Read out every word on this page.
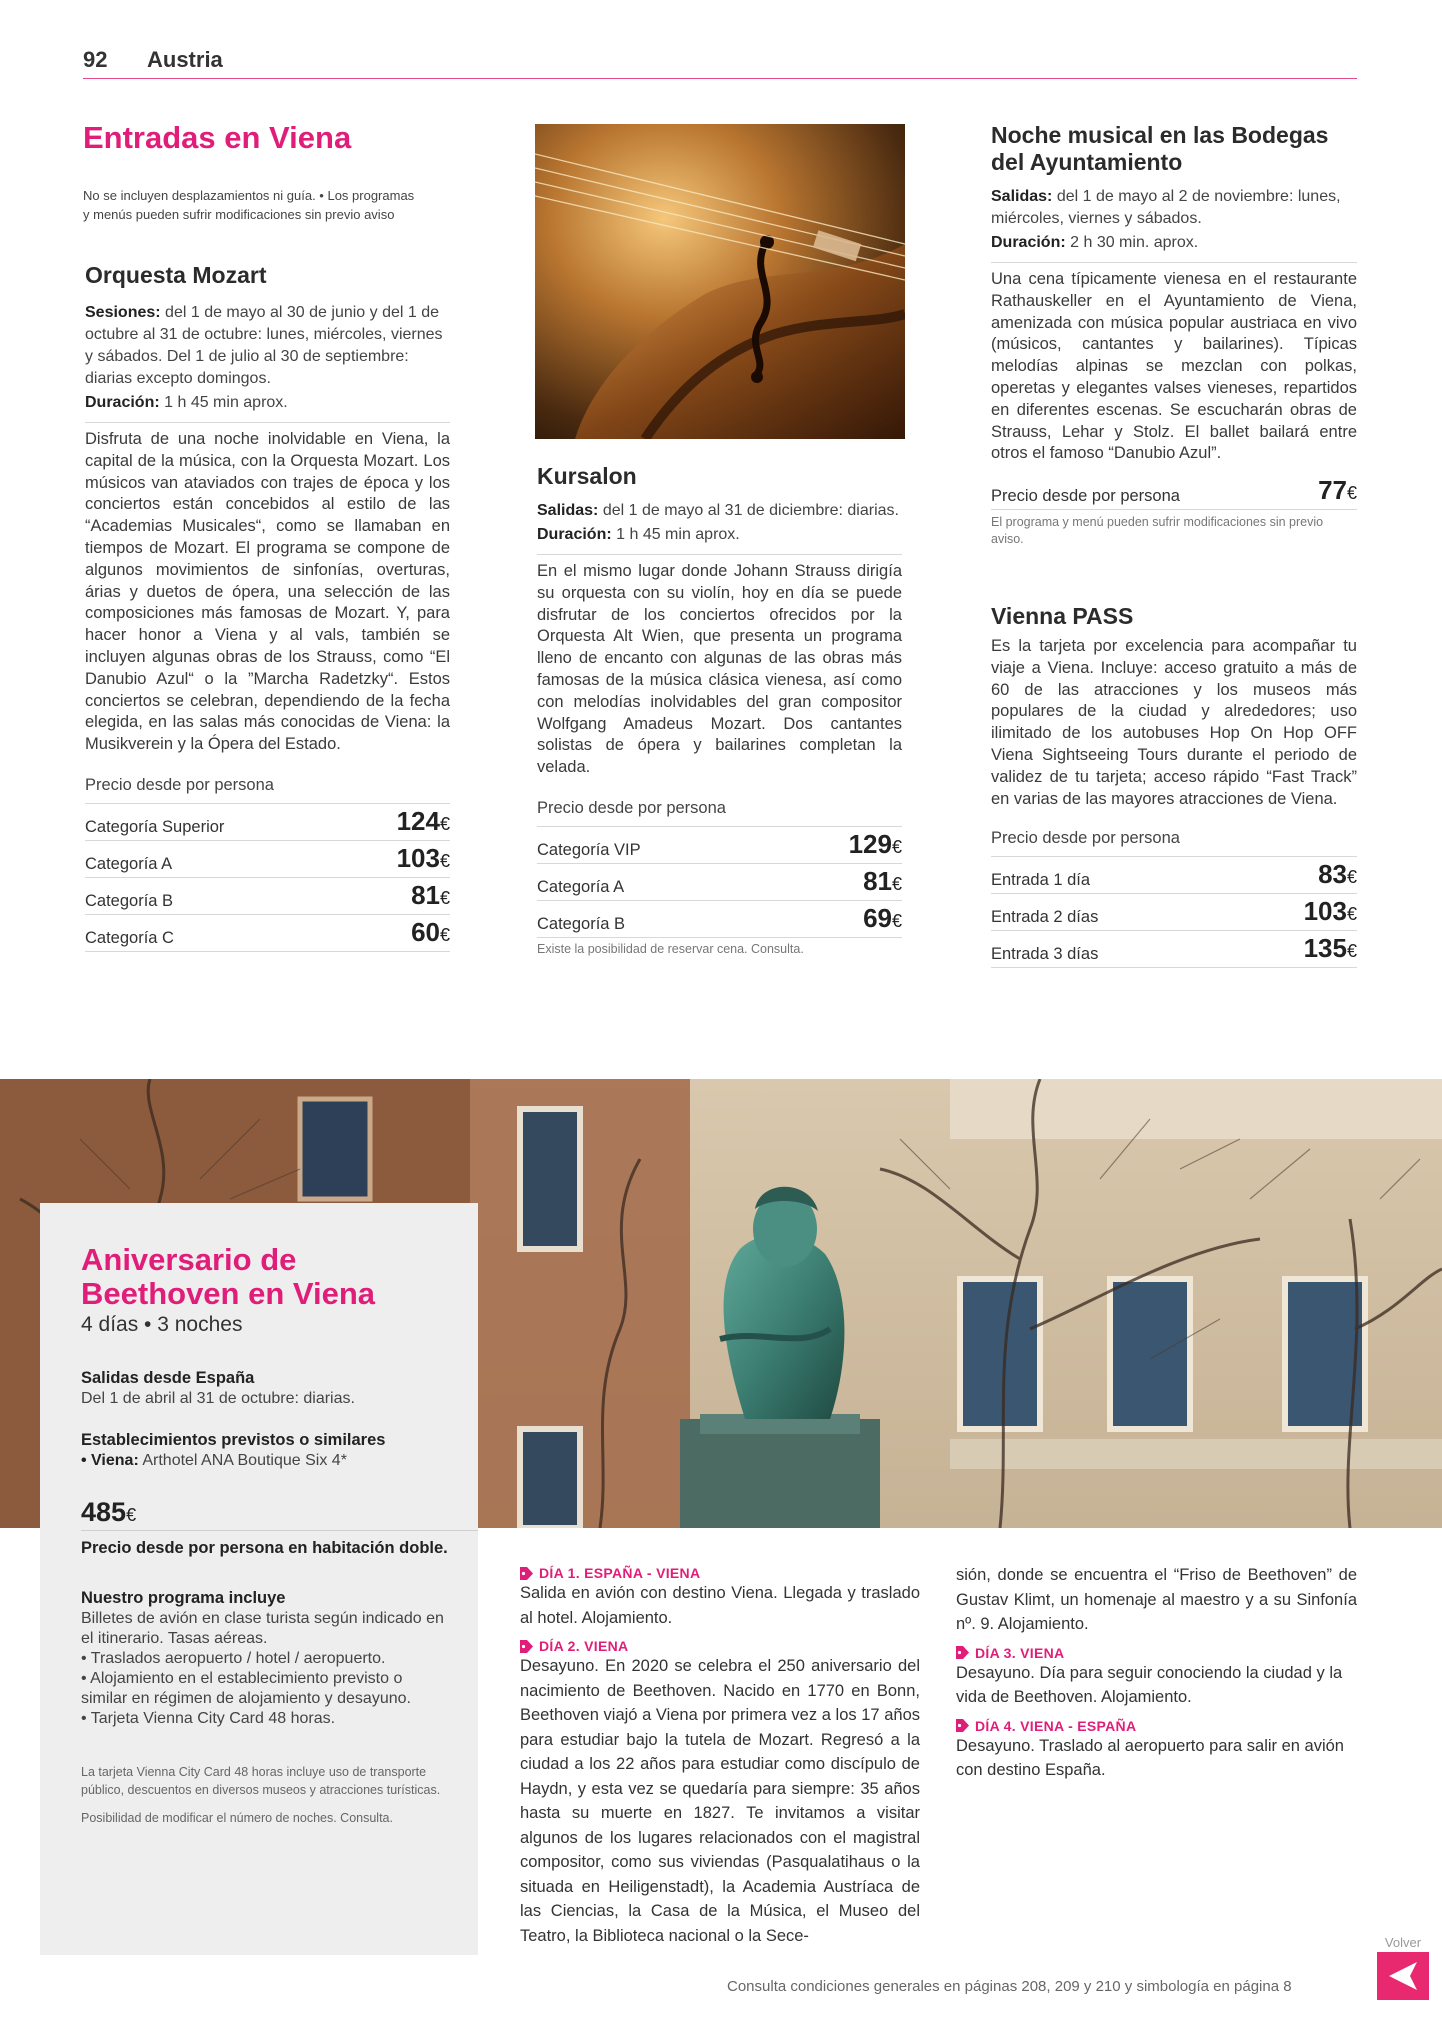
92 Austria
Entradas en Viena
No se incluyen desplazamientos ni guía. • Los programas
y menús pueden sufrir modificaciones sin previo aviso
Orquesta Mozart
Sesiones: del 1 de mayo al 30 de junio y del 1 de octubre al 31 de octubre: lunes, miércoles, viernes y sábados. Del 1 de julio al 30 de septiembre: diarias excepto domingos.
Duración: 1 h 45 min aprox.
Disfruta de una noche inolvidable en Viena, la capital de la música, con la Orquesta Mozart. Los músicos van ataviados con trajes de época y los conciertos están concebidos al estilo de las “Academias Musicales“, como se llamaban en tiempos de Mozart. El programa se compone de algunos movimientos de sinfonías, overturas, árias y duetos de ópera, una selección de las composiciones más famosas de Mozart. Y, para hacer honor a Viena y al vals, también se incluyen algunas obras de los Strauss, como “El Danubio Azul“ o la ”Marcha Radetzky“. Estos conciertos se celebran, dependiendo de la fecha elegida, en las salas más conocidas de Viena: la Musikverein y la Ópera del Estado.
Precio desde por persona
Categoría Superior	124€
Categoría A	103€
Categoría B	81€
Categoría C	60€
Kursalon
Salidas: del 1 de mayo al 31 de diciembre: diarias.
Duración: 1 h 45 min aprox.
En el mismo lugar donde Johann Strauss dirigía su orquesta con su violín, hoy en día se puede disfrutar de los conciertos ofrecidos por la Orquesta Alt Wien, que presenta un programa lleno de encanto con algunas de las obras más famosas de la música clásica vienesa, así como con melodías inolvidables del gran compositor Wolfgang Amadeus Mozart. Dos cantantes solistas de ópera y bailarines completan la velada.
Precio desde por persona
Categoría VIP	129€
Categoría A	81€
Categoría B	69€
Existe la posibilidad de reservar cena. Consulta.
Noche musical en las Bodegas
del Ayuntamiento
Salidas: del 1 de mayo al 2 de noviembre: lunes, miércoles, viernes y sábados.
Duración: 2 h 30 min. aprox.
Una cena típicamente vienesa en el restaurante Rathauskeller en el Ayuntamiento de Viena, amenizada con música popular austriaca en vivo (músicos, cantantes y bailarines). Típicas melodías alpinas se mezclan con polkas, operetas y elegantes valses vieneses, repartidos en diferentes escenas. Se escucharán obras de Strauss, Lehar y Stolz. El ballet bailará entre otros el famoso “Danubio Azul”.
Precio desde por persona	77€
El programa y menú pueden sufrir modificaciones sin previo aviso.
Vienna PASS
Es la tarjeta por excelencia para acompañar tu viaje a Viena. Incluye: acceso gratuito a más de 60 de las atracciones y los museos más populares de la ciudad y alrededores; uso ilimitado de los autobuses Hop On Hop OFF Viena Sightseeing Tours durante el periodo de validez de tu tarjeta; acceso rápido “Fast Track” en varias de las mayores atracciones de Viena.
Precio desde por persona
Entrada 1 día	83€
Entrada 2 días	103€
Entrada 3 días	135€
Aniversario de
Beethoven en Viena
4 días • 3 noches
Salidas desde España
Del 1 de abril al 31 de octubre: diarias.
Establecimientos previstos o similares
• Viena: Arthotel ANA Boutique Six 4*
485€
Precio desde por persona en habitación doble.
Nuestro programa incluye
Billetes de avión en clase turista según indicado en el itinerario. Tasas aéreas.
• Traslados aeropuerto / hotel / aeropuerto.
• Alojamiento en el establecimiento previsto o similar en régimen de alojamiento y desayuno.
• Tarjeta Vienna City Card 48 horas.
La tarjeta Vienna City Card 48 horas incluye uso de transporte público, descuentos en diversos museos y atracciones turísticas.
Posibilidad de modificar el número de noches. Consulta.
DÍA 1. ESPAÑA - VIENA
Salida en avión con destino Viena. Llegada y traslado al hotel. Alojamiento.
DÍA 2. VIENA
Desayuno. En 2020 se celebra el 250 aniversario del nacimiento de Beethoven. Nacido en 1770 en Bonn, Beethoven viajó a Viena por primera vez a los 17 años para estudiar bajo la tutela de Mozart. Regresó a la ciudad a los 22 años para estudiar como discípulo de Haydn, y esta vez se quedaría para siempre: 35 años hasta su muerte en 1827. Te invitamos a visitar algunos de los lugares relacionados con el magistral compositor, como sus viviendas (Pasqualatihaus o la situada en Heiligenstadt), la Academia Austríaca de las Ciencias, la Casa de la Música, el Museo del Teatro, la Biblioteca nacional o la Sece-
sión, donde se encuentra el “Friso de Beethoven” de Gustav Klimt, un homenaje al maestro y a su Sinfonía nº. 9. Alojamiento.
DÍA 3. VIENA
Desayuno. Día para seguir conociendo la ciudad y la vida de Beethoven. Alojamiento.
DÍA 4. VIENA - ESPAÑA
Desayuno. Traslado al aeropuerto para salir en avión con destino España.
Consulta condiciones generales en páginas 208, 209 y 210 y simbología en página 8
Volver
